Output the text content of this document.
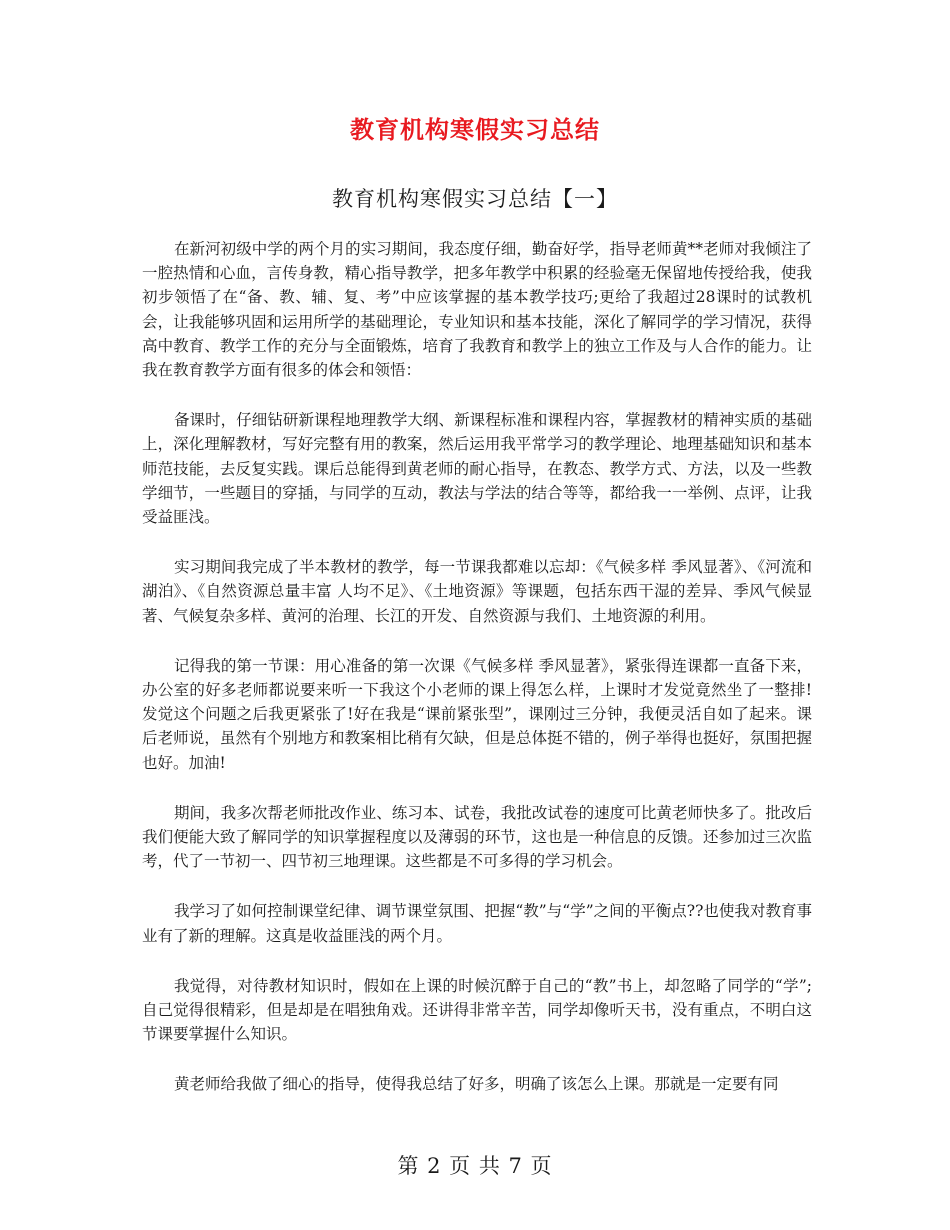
教育机构寒假实习总结
教育机构寒假实习总结【一】

在新河初级中学的两个月的实习期间，我态度仔细，勤奋好学，指导老师黄**老师对我倾注了一腔热情和心血，言传身教，精心指导教学，把多年教学中积累的经验毫无保留地传授给我，使我初步领悟了在“备、教、辅、复、考”中应该掌握的基本教学技巧;更给了我超过28课时的试教机会，让我能够巩固和运用所学的基础理论，专业知识和基本技能，深化了解同学的学习情况，获得高中教育、教学工作的充分与全面锻炼，培育了我教育和教学上的独立工作及与人合作的能力。让我在教育教学方面有很多的体会和领悟：

备课时，仔细钻研新课程地理教学大纲、新课程标准和课程内容，掌握教材的精神实质的基础上，深化理解教材，写好完整有用的教案，然后运用我平常学习的教学理论、地理基础知识和基本师范技能，去反复实践。课后总能得到黄老师的耐心指导，在教态、教学方式、方法，以及一些教学细节，一些题目的穿插，与同学的互动，教法与学法的结合等等，都给我一一举例、点评，让我受益匪浅。

实习期间我完成了半本教材的教学，每一节课我都难以忘却：《气候多样 季风显著》、《河流和湖泊》、《自然资源总量丰富 人均不足》、《土地资源》等课题，包括东西干湿的差异、季风气候显著、气候复杂多样、黄河的治理、长江的开发、自然资源与我们、土地资源的利用。

记得我的第一节课：用心准备的第一次课《气候多样 季风显著》，紧张得连课都一直备下来，办公室的好多老师都说要来听一下我这个小老师的课上得怎么样，上课时才发觉竟然坐了一整排!发觉这个问题之后我更紧张了!好在我是“课前紧张型”，课刚过三分钟，我便灵活自如了起来。课后老师说，虽然有个别地方和教案相比稍有欠缺，但是总体挺不错的，例子举得也挺好，氛围把握也好。加油!

期间，我多次帮老师批改作业、练习本、试卷，我批改试卷的速度可比黄老师快多了。批改后我们便能大致了解同学的知识掌握程度以及薄弱的环节，这也是一种信息的反馈。还参加过三次监考，代了一节初一、四节初三地理课。这些都是不可多得的学习机会。

我学习了如何控制课堂纪律、调节课堂氛围、把握“教”与“学”之间的平衡点??也使我对教育事业有了新的理解。这真是收益匪浅的两个月。

我觉得，对待教材知识时，假如在上课的时候沉醉于自己的“教”书上，却忽略了同学的“学”;自己觉得很精彩，但是却是在唱独角戏。还讲得非常辛苦，同学却像听天书，没有重点，不明白这节课要掌握什么知识。

黄老师给我做了细心的指导，使得我总结了好多，明确了该怎么上课。那就是一定要有同

第 2 页 共 7 页
